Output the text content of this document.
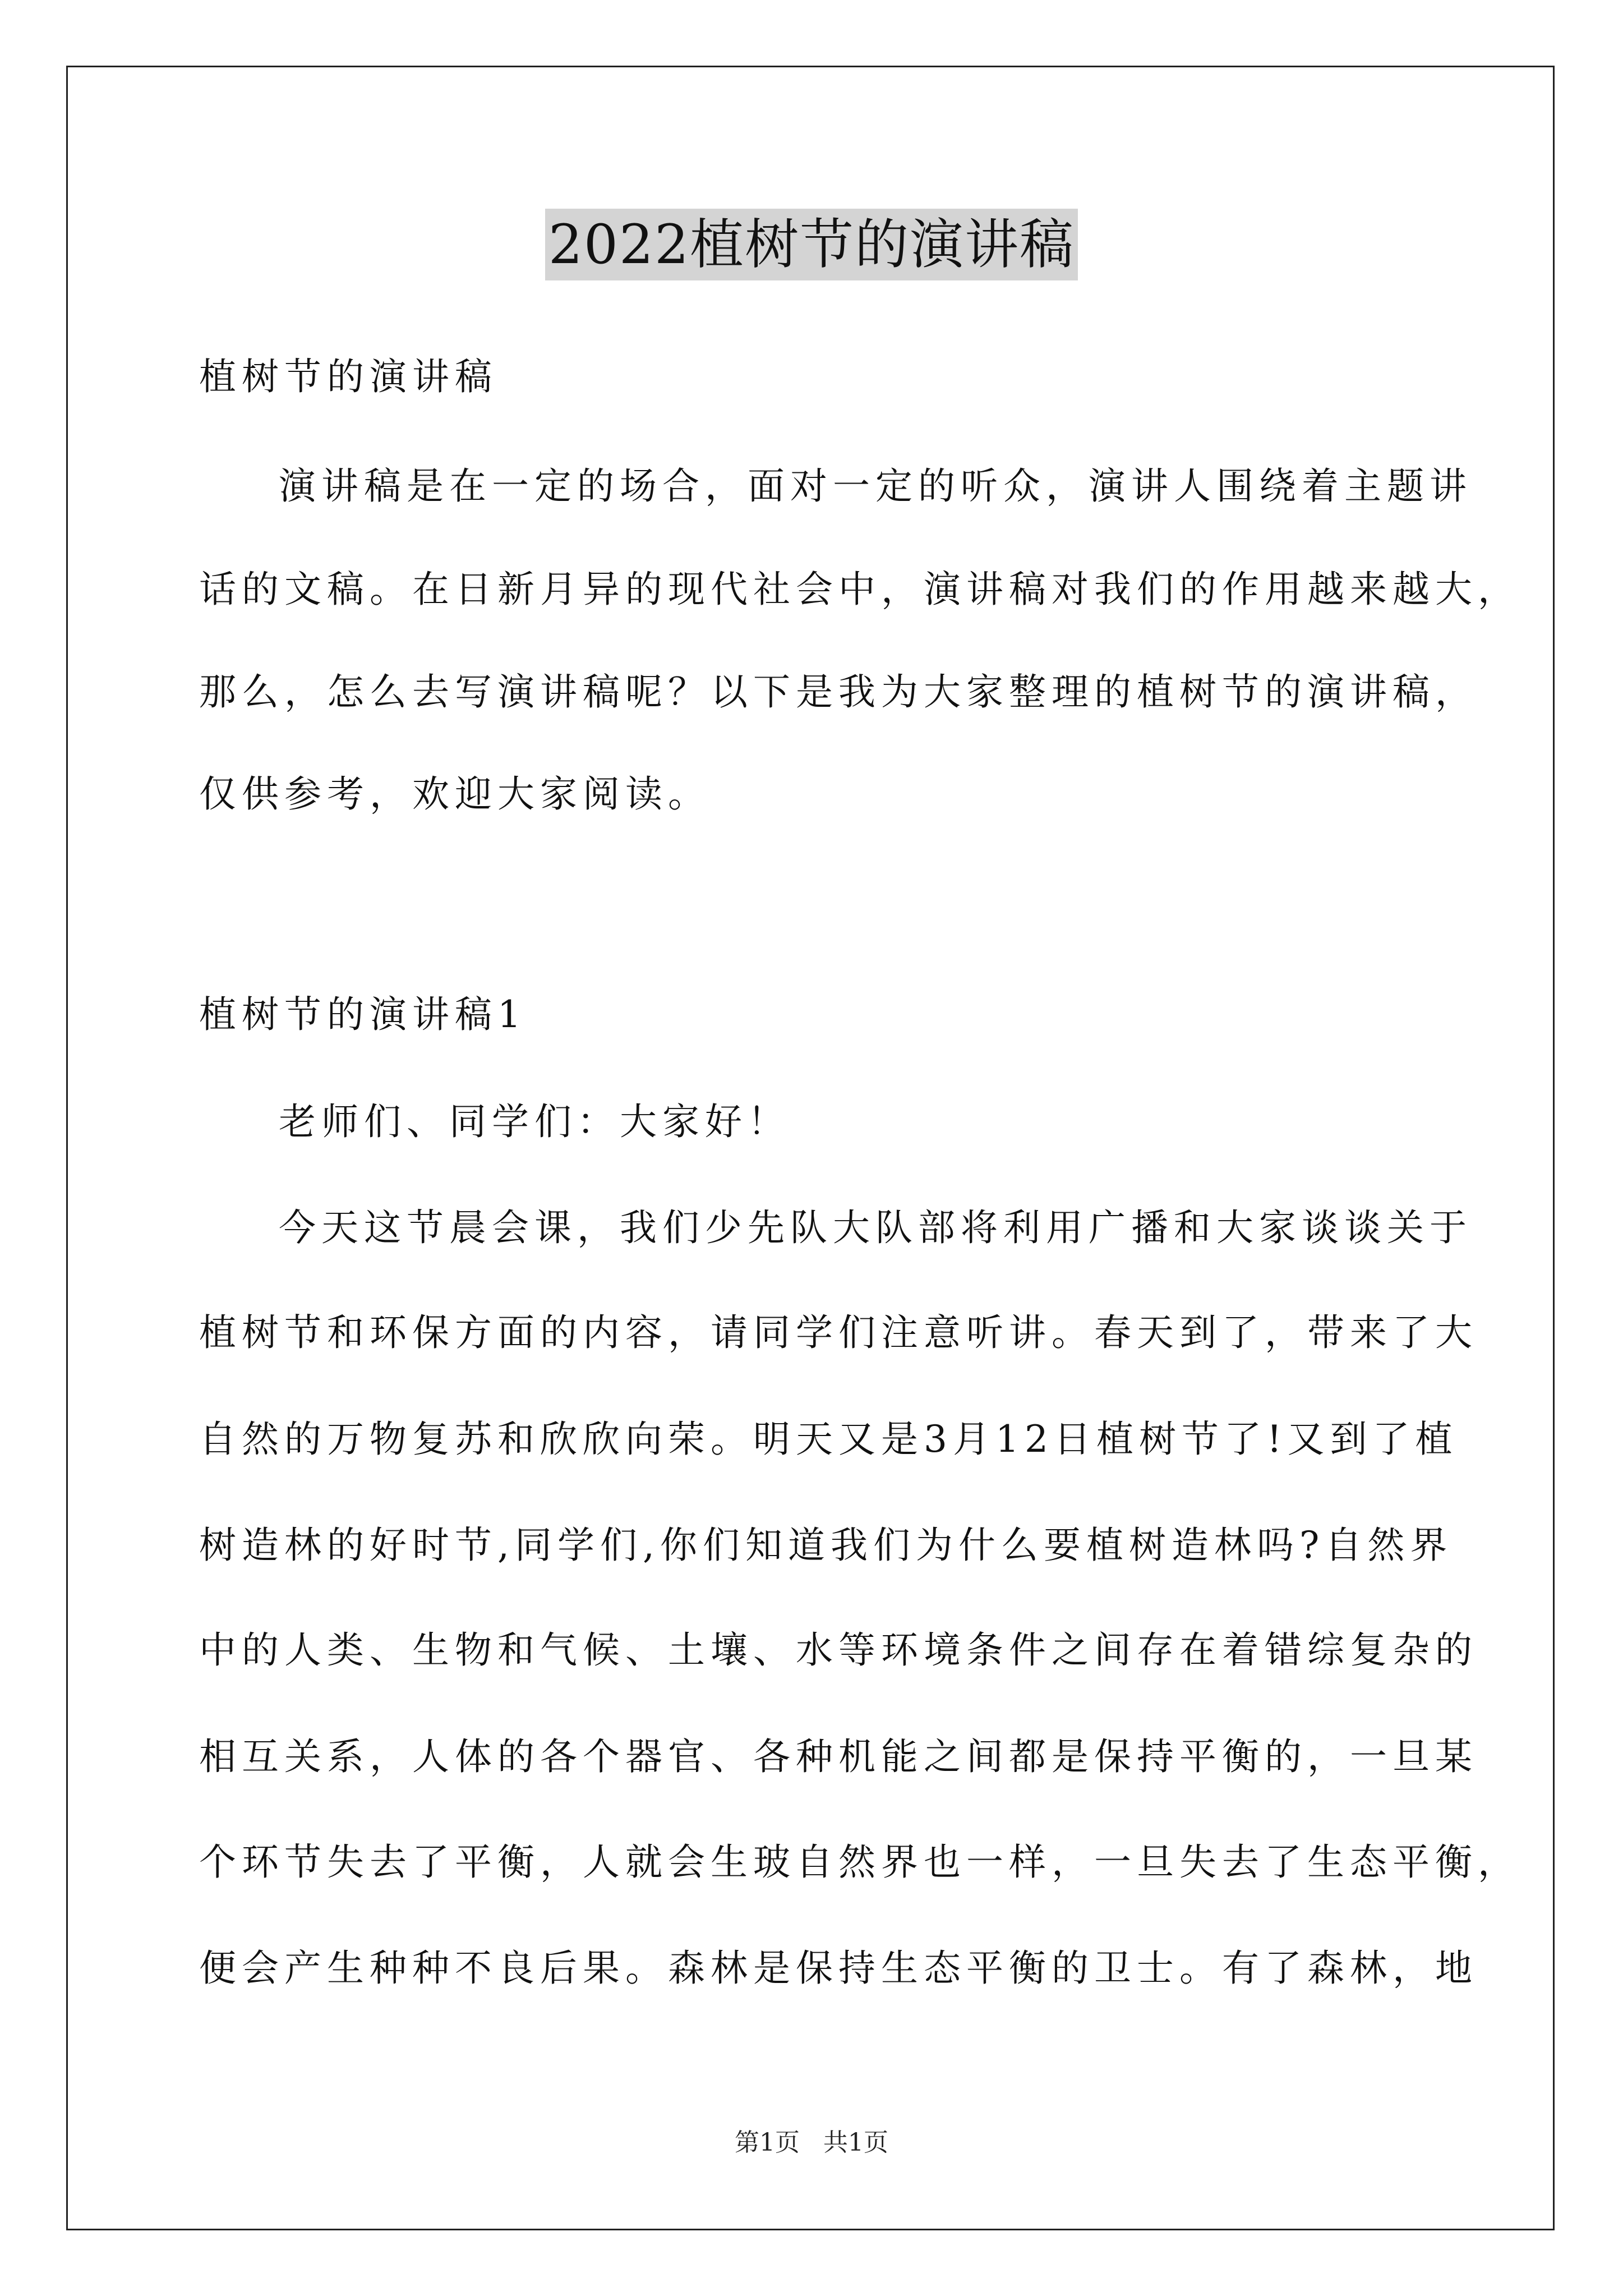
2022植树节的演讲稿

植树节的演讲稿

演讲稿是在一定的场合，面对一定的听众，演讲人围绕着主题讲

话的文稿。在日新月异的现代社会中，演讲稿对我们的作用越来越大，

那么，怎么去写演讲稿呢？以下是我为大家整理的植树节的演讲稿，

仅供参考，欢迎大家阅读。

植树节的演讲稿1

老师们、同学们：大家好！

今天这节晨会课，我们少先队大队部将利用广播和大家谈谈关于

植树节和环保方面的内容，请同学们注意听讲。春天到了，带来了大

自然的万物复苏和欣欣向荣。明天又是3月12日植树节了!又到了植

树造林的好时节,同学们,你们知道我们为什么要植树造林吗?自然界

中的人类、生物和气候、土壤、水等环境条件之间存在着错综复杂的

相互关系，人体的各个器官、各种机能之间都是保持平衡的，一旦某

个环节失去了平衡，人就会生玻自然界也一样，一旦失去了生态平衡，

便会产生种种不良后果。森林是保持生态平衡的卫士。有了森林，地

第1页 共1页
